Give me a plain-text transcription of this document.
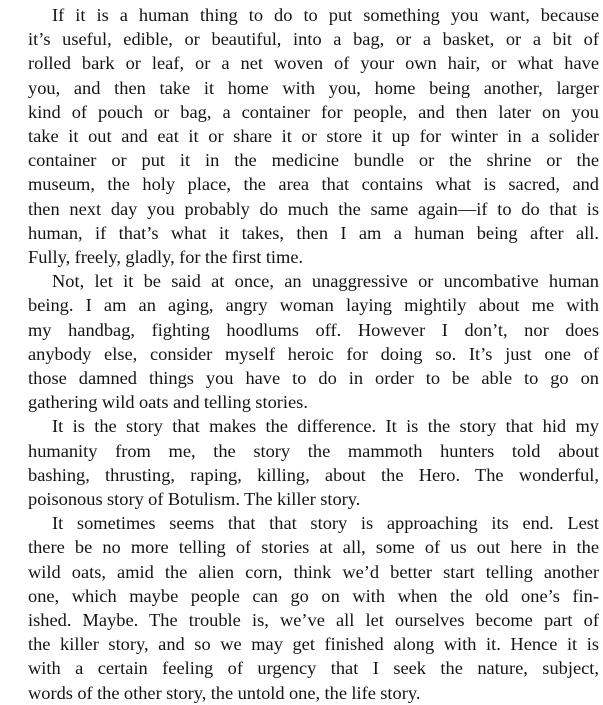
If it is a human thing to do to put something you want, because
it’s useful, edible, or beautiful, into a bag, or a basket, or a bit of
rolled bark or leaf, or a net woven of your own hair, or what have
you, and then take it home with you, home being another, larger
kind of pouch or bag, a container for people, and then later on you
take it out and eat it or share it or store it up for winter in a solider
container or put it in the medicine bundle or the shrine or the
museum, the holy place, the area that contains what is sacred, and
then next day you probably do much the same again—if to do that is
human, if that’s what it takes, then I am a human being after all.
Fully, freely, gladly, for the first time.
Not, let it be said at once, an unaggressive or uncombative human
being. I am an aging, angry woman laying mightily about me with
my handbag, fighting hoodlums off. However I don’t, nor does
anybody else, consider myself heroic for doing so. It’s just one of
those damned things you have to do in order to be able to go on
gathering wild oats and telling stories.
It is the story that makes the difference. It is the story that hid my
humanity from me, the story the mammoth hunters told about
bashing, thrusting, raping, killing, about the Hero. The wonderful,
poisonous story of Botulism. The killer story.
It sometimes seems that that story is approaching its end. Lest
there be no more telling of stories at all, some of us out here in the
wild oats, amid the alien corn, think we’d better start telling another
one, which maybe people can go on with when the old one’s fin-
ished. Maybe. The trouble is, we’ve all let ourselves become part of
the killer story, and so we may get finished along with it. Hence it is
with a certain feeling of urgency that I seek the nature, subject,
words of the other story, the untold one, the life story.
